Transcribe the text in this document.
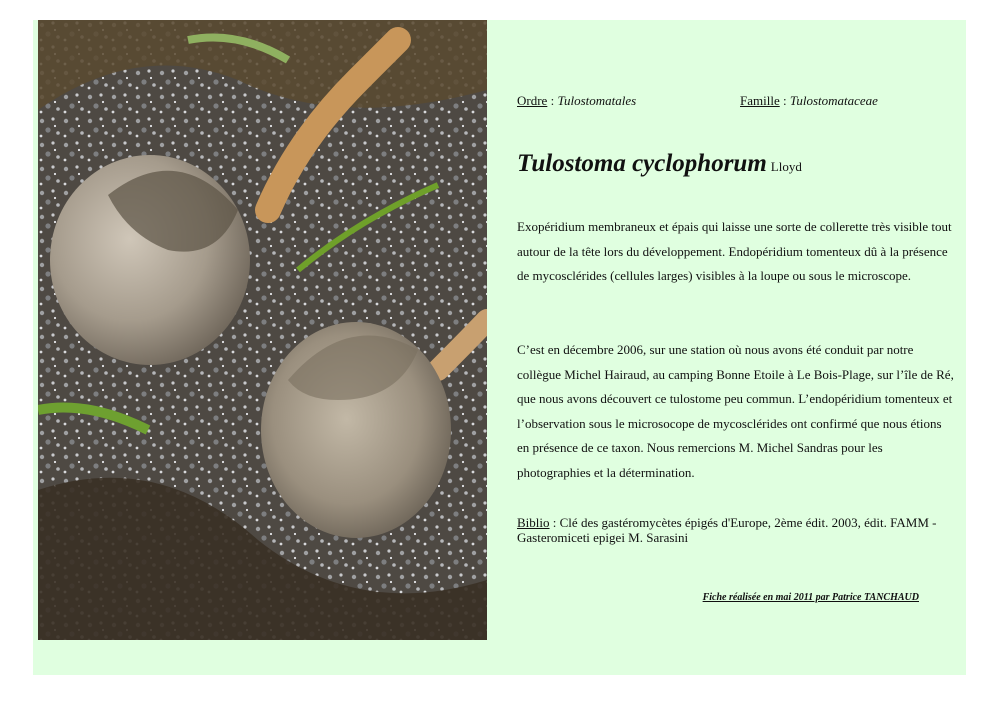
Ordre : Tulostomatales	Famille : Tulostomataceae
Tulostoma cyclophorum Lloyd

Exopéridium membraneux et épais qui laisse une sorte de collerette très visible tout autour de la tête lors du développement. Endopéridium tomenteux dû à la présence de mycosclérides (cellules larges) visibles à la loupe ou sous le microscope.

C’est en décembre 2006, sur une station où nous avons été conduit par notre collègue Michel Hairaud, au camping Bonne Etoile à Le Bois-Plage, sur l’île de Ré, que nous avons découvert ce tulostome peu commun. L’endopéridium tomenteux et l’observation sous le microsocope de mycosclérides ont confirmé que nous étions en présence de ce taxon. Nous remercions M. Michel Sandras pour les photographies et la détermination.

Biblio : Clé des gastéromycètes épigés d'Europe, 2ème édit. 2003, édit. FAMM - Gasteromiceti epigei M. Sarasini
Fiche réalisée en mai 2011 par Patrice TANCHAUD
